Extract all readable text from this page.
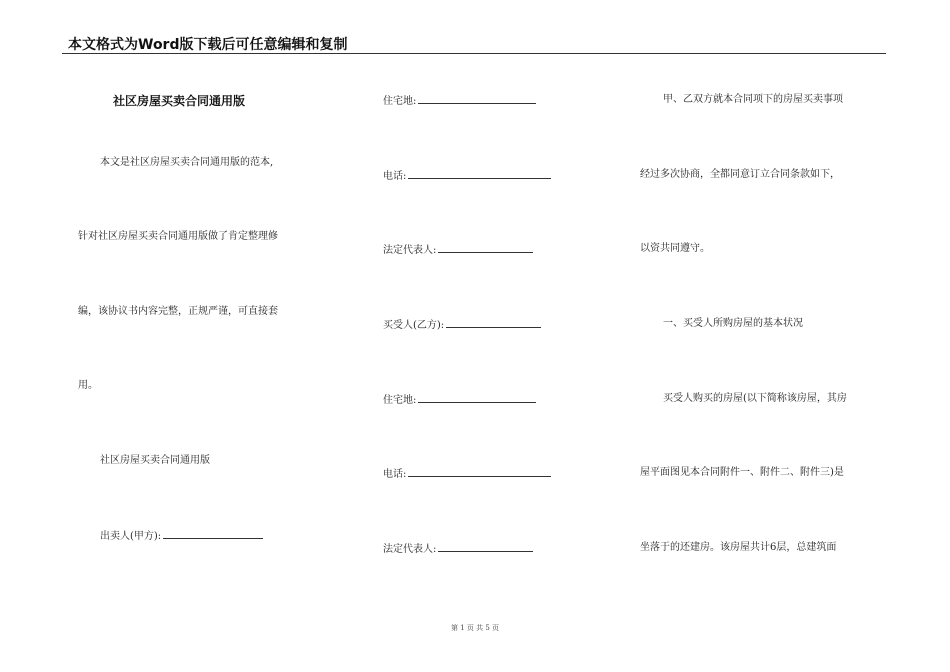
本文格式为Word版下载后可任意编辑和复制
社区房屋买卖合同通用版
本文是社区房屋买卖合同通用版的范本,
针对社区房屋买卖合同通用版做了肯定整理修
编，该协议书内容完整，正规严谨，可直接套
用。
社区房屋买卖合同通用版
出卖人(甲方):
住宅地:
电话:
法定代表人:
买受人(乙方):
住宅地:
电话:
法定代表人:
甲、乙双方就本合同项下的房屋买卖事项
经过多次协商，全都同意订立合同条款如下，
以资共同遵守。
一、买受人所购房屋的基本状况
买受人购买的房屋(以下简称该房屋，其房
屋平面图见本合同附件一、附件二、附件三)是
坐落于的还建房。该房屋共计6层，总建筑面
第 1 页 共 5 页
